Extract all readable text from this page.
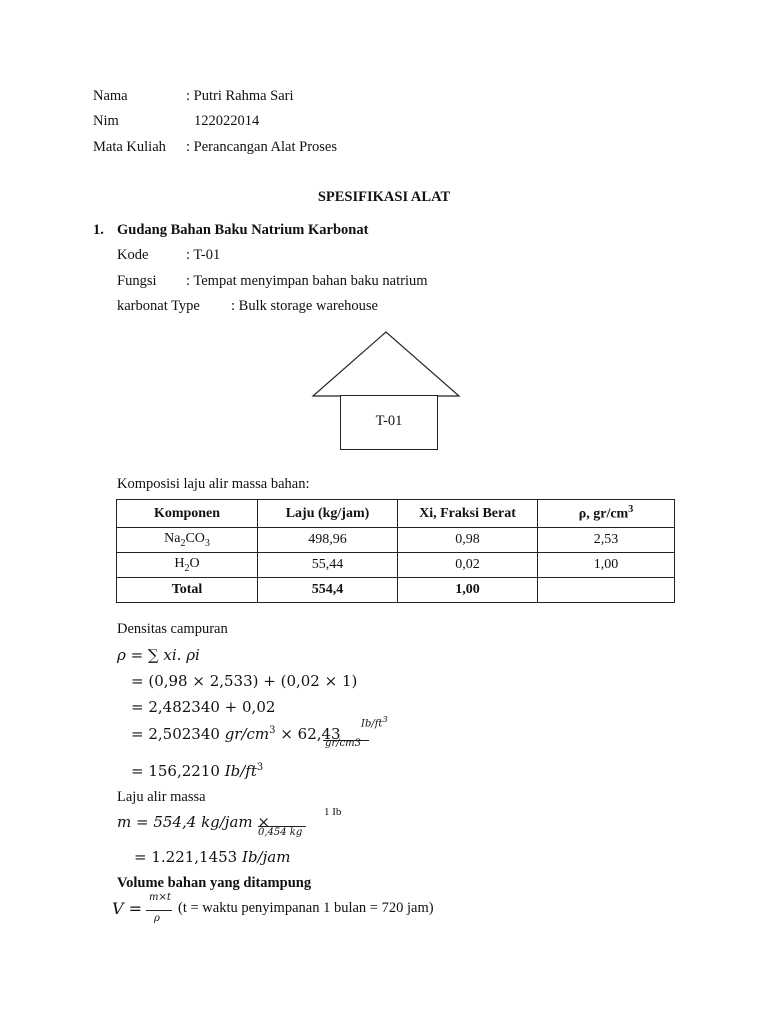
Nama	: Putri Rahma Sari
Nim	122022014
Mata Kuliah : Perancangan Alat Proses
SPESIFIKASI ALAT
1. Gudang Bahan Baku Natrium Karbonat
Kode	: T-01
Fungsi : Tempat menyimpan bahan baku natrium
karbonat Type : Bulk storage warehouse
T-01
Komposisi laju alir massa bahan:
Komponen	Laju (kg/jam)	Xi, Fraksi Berat	ρ, $gr/cm^3$
$Na_2CO_3$	498,96	0,98	2,53
$H_2O$	55,44	0,02	1,00
Total	554,4	1,00	
Densitas campuran
ρ = ∑ xi. ρi
= (0,98 × 2,533) + (0,02 × 1)
= 2,482340 + 0,02
= 2,502340 $gr/cm^3 \times 62,43$
$Ib/ft^3$
gr/cm3
= 156,2210 $Ib/ft^3$
Laju alir massa
m = 554,4 kg/jam ×
1 Ib
0,454 kg
= 1.221,1453 Ib/jam
Volume bahan yang ditampung
V =
m×t
ρ
(t = waktu penyimpanan 1 bulan = 720 jam)
